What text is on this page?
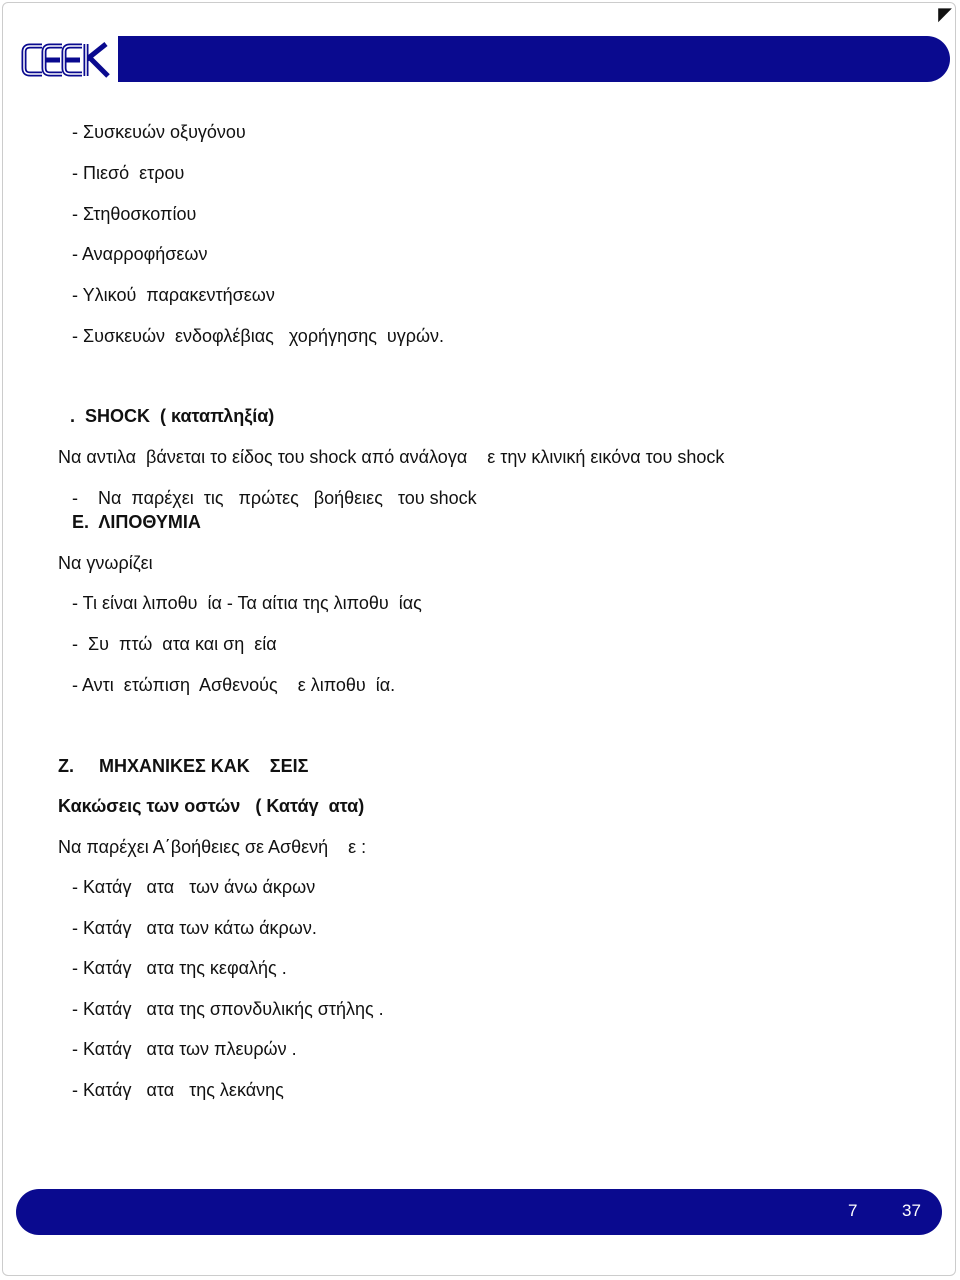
◤
- Συσκευών οξυγόνου
- Πιεσό  ετρου
- Στηθοσκοπίου
- Αναρροφήσεων
- Υλικού  παρακεντήσεων
- Συσκευών  ενδοφλέβιας   χορήγησης  υγρών.
.  SHOCK  ( καταπληξία)
Να αντιλα  βάνεται το είδος του shock από ανάλογα    ε την κλινική εικόνα του shock
-    Να  παρέχει  τις   πρώτες   βοήθειες   του shock
Ε.  ΛΙΠΟΘΥΜΙΑ
Να γνωρίζει
- Τι είναι λιποθυ  ία - Τα αίτια της λιποθυ  ίας
-  Συ  πτώ  ατα και ση  εία
- Αντι  ετώπιση  Ασθενούς    ε λιποθυ  ία.
Ζ.     ΜΗΧΑΝΙΚΕΣ ΚΑΚ    ΣΕΙΣ
Κακώσεις των οστών   ( Κατάγ  ατα)
Να παρέχει Α΄βοήθειες σε Ασθενή    ε :
- Κατάγ   ατα   των άνω άκρων
- Κατάγ   ατα των κάτω άκρων.
- Κατάγ   ατα της κεφαλής .
- Κατάγ   ατα της σπονδυλικής στήλης .
- Κατάγ   ατα των πλευρών .
- Κατάγ   ατα   της λεκάνης
7	37
